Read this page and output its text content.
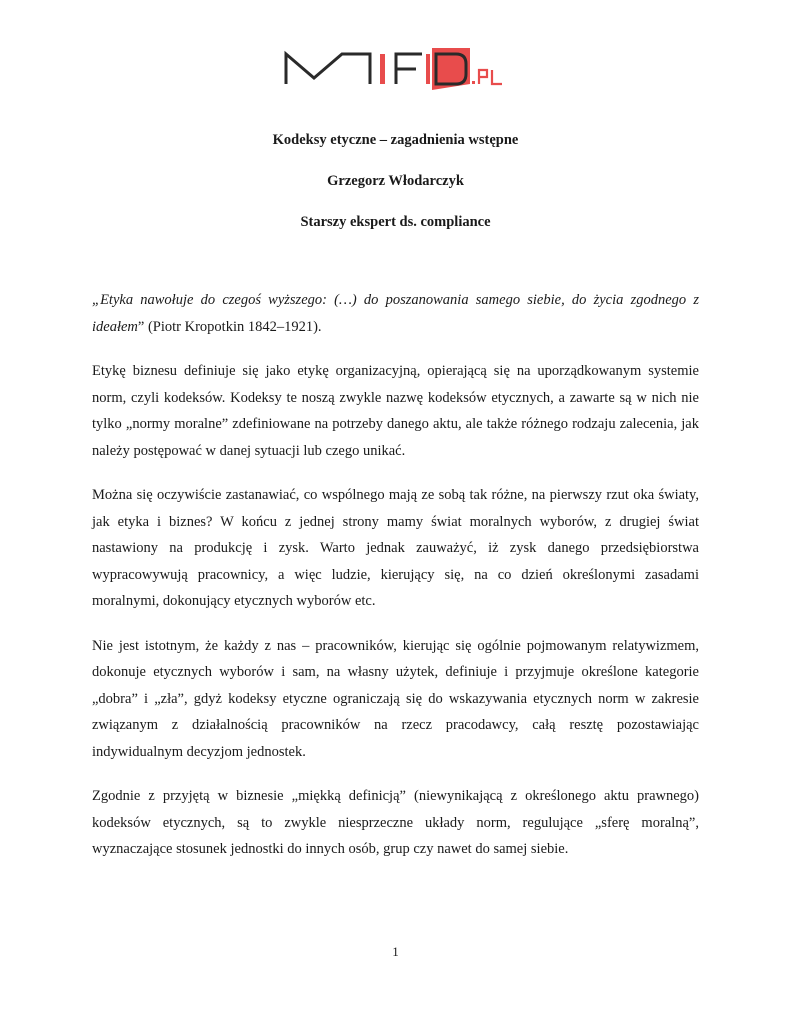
Kodeksy etyczne – zagadnienia wstępne
Grzegorz Włodarczyk
Starszy ekspert ds. compliance

„Etyka nawołuje do czegoś wyższego: (…) do poszanowania samego siebie, do życia zgodnego z ideałem” (Piotr Kropotkin 1842–1921).

Etykę biznesu definiuje się jako etykę organizacyjną, opierającą się na uporządkowanym systemie norm, czyli kodeksów. Kodeksy te noszą zwykle nazwę kodeksów etycznych, a zawarte są w nich nie tylko „normy moralne” zdefiniowane na potrzeby danego aktu, ale także różnego rodzaju zalecenia, jak należy postępować w danej sytuacji lub czego unikać.

Można się oczywiście zastanawiać, co wspólnego mają ze sobą tak różne, na pierwszy rzut oka światy, jak etyka i biznes? W końcu z jednej strony mamy świat moralnych wyborów, z drugiej świat nastawiony na produkcję i zysk. Warto jednak zauważyć, iż zysk danego przedsiębiorstwa wypracowywują pracownicy, a więc ludzie, kierujący się, na co dzień określonymi zasadami moralnymi, dokonujący etycznych wyborów etc.

Nie jest istotnym, że każdy z nas – pracowników, kierując się ogólnie pojmowanym relatywizmem, dokonuje etycznych wyborów i sam, na własny użytek, definiuje i przyjmuje określone kategorie „dobra” i „zła”, gdyż kodeksy etyczne ograniczają się do wskazywania etycznych norm w zakresie związanym z działalnością pracowników na rzecz pracodawcy, całą resztę pozostawiając indywidualnym decyzjom jednostek.

Zgodnie z przyjętą w biznesie „miękką definicją” (niewynikającą z określonego aktu prawnego) kodeksów etycznych, są to zwykle niesprzeczne układy norm, regulujące „sferę moralną”, wyznaczające stosunek jednostki do innych osób, grup czy nawet do samej siebie.

1
